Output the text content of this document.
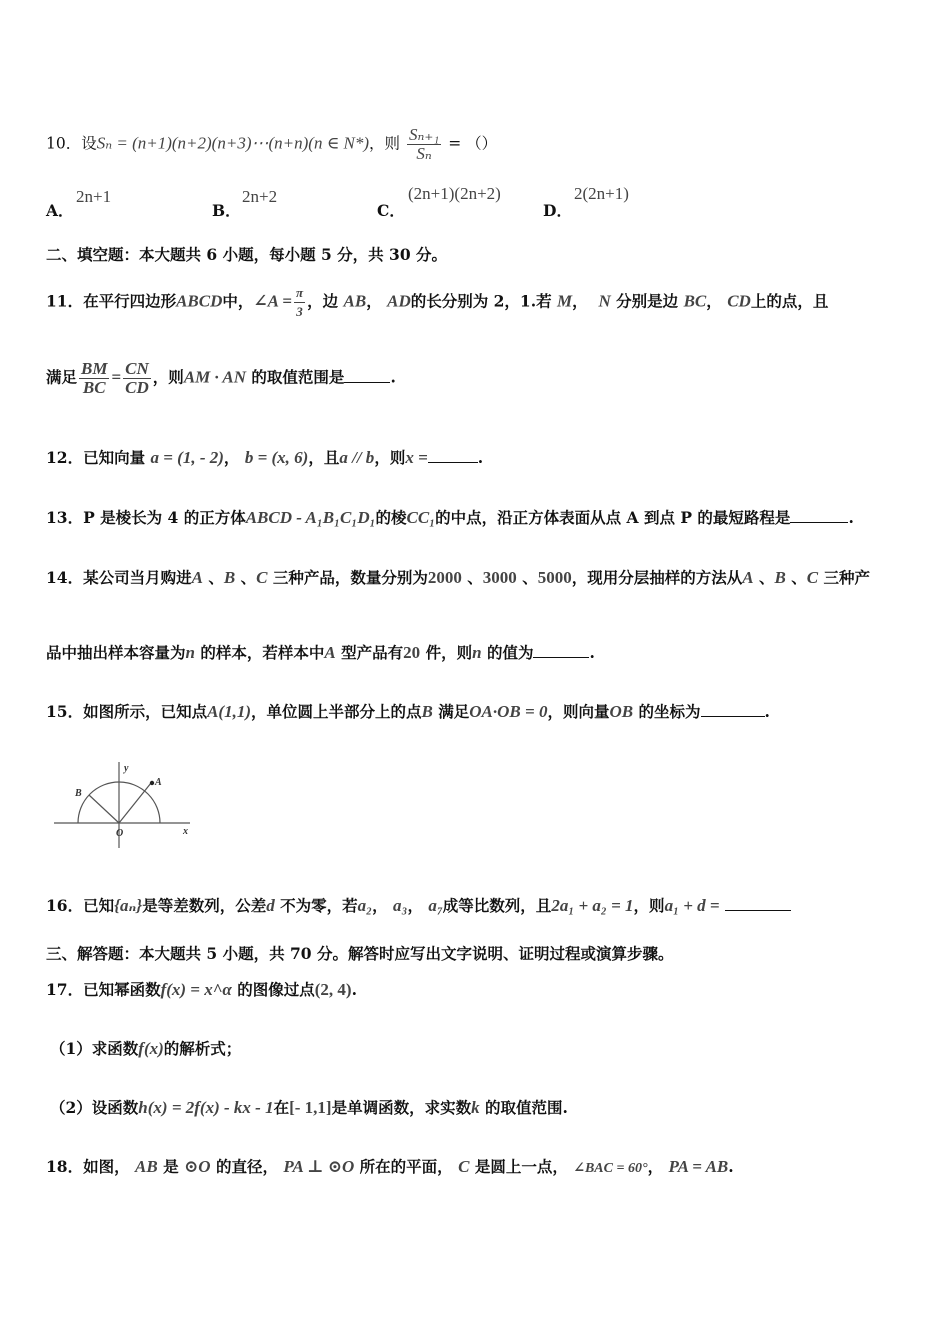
10．设Sₙ = (n+1)(n+2)(n+3)⋯(n+n)(n ∈ N*)，则 $\frac{\text{Sₙ₊₁}}{\text{Sₙ}}$ = （）
A．
2n+1
B．
2n+2
C．
(2n+1)(2n+2)
D．
2(2n+1)
二、填空题：本大题共 6 小题，每小题 5 分，共 30 分。
11．在平行四边形ABCD中，∠A = $\frac{\pi}{3}$ ，边 AB， AD的长分别为 2，1.若 M， N 分别是边 BC， CD上的点，且
满足 $\frac{BM}{BC} = \frac{CN}{CD}$ ，则AM · AN 的取值范围是	.
12．已知向量 a = (1, - 2)， b = (x, 6)，且a // b，则x =	.
13．P 是棱长为 4 的正方体ABCD - A₁B₁C₁D₁的棱CC₁的中点，沿正方体表面从点 A 到点 P 的最短路程是	.
14．某公司当月购进A 、B 、C 三种产品，数量分别为2000 、3000 、5000，现用分层抽样的方法从A 、B 、C 三种产
品中抽出样本容量为n 的样本，若样本中A 型产品有20 件，则n 的值为	.
15．如图所示，已知点A(1,1)，单位圆上半部分上的点B 满足OA·OB = 0，则向量OB 的坐标为	.
y
x
O
A
B
16．已知{aₙ}是等差数列，公差d 不为零，若a₂， a₃， a₇成等比数列，且2a₁ + a₂ = 1，则a₁ + d =
三、解答题：本大题共 5 小题，共 70 分。解答时应写出文字说明、证明过程或演算步骤。
17．已知幂函数f(x) = x^α 的图像过点(2, 4).
（1）求函数f(x)的解析式；
（2）设函数h(x) = 2f(x) - kx - 1在[- 1,1]是单调函数，求实数k 的取值范围.
18．如图， AB 是 ⊙O 的直径， PA ⊥ ⊙O 所在的平面， C 是圆上一点， ∠BAC = 60°， PA = AB.
